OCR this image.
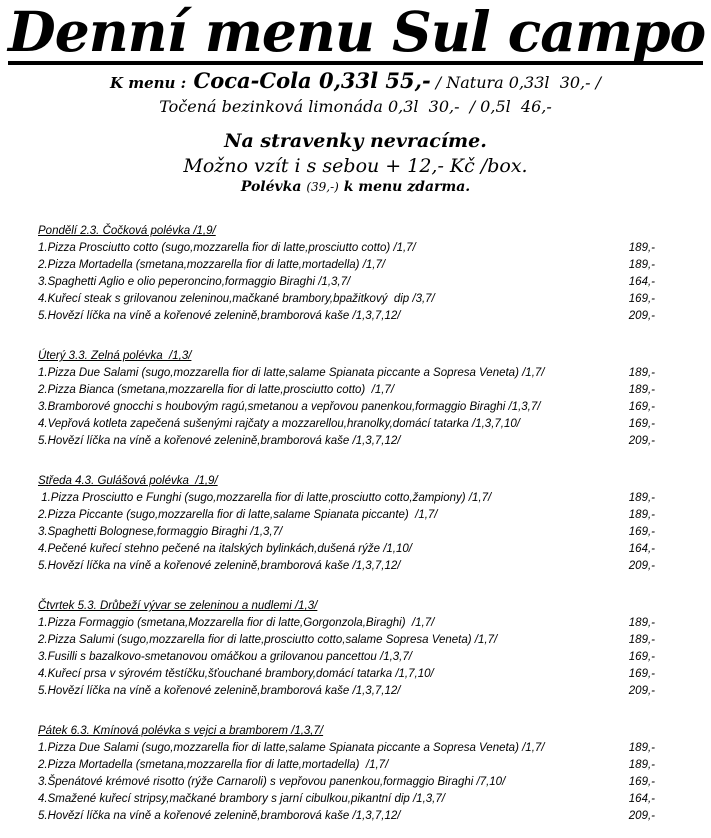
Denní menu Sul campo
K menu : Coca-Cola 0,33l 55,- / Natura 0,33l  30,- /
Točená bezinková limonáda 0,3l  30,-  / 0,5l  46,-
Na stravenky nevracíme.
Možno vzít i s sebou + 12,- Kč /box.
Polévka (39,-) k menu zdarma.
Pondělí 2.3. Čočková polévka /1,9/
1.Pizza Prosciutto cotto (sugo,mozzarella fior di latte,prosciutto cotto) /1,7/	189,-
2.Pizza Mortadella (smetana,mozzarella fior di latte,mortadella) /1,7/	189,-
3.Spaghetti Aglio e olio peperoncino,formaggio Biraghi /1,3,7/	164,-
4.Kuřecí steak s grilovanou zeleninou,mačkané brambory,bpažitkový  dip /3,7/	169,-
5.Hovězí líčka na víně a kořenové zelenině,bramborová kaše /1,3,7,12/	209,-
Úterý 3.3. Zelná polévka  /1,3/
1.Pizza Due Salami (sugo,mozzarella fior di latte,salame Spianata piccante a Sopresa Veneta) /1,7/	189,-
2.Pizza Bianca (smetana,mozzarella fior di latte,prosciutto cotto)  /1,7/	189,-
3.Bramborové gnocchi s houbovým ragú,smetanou a vepřovou panenkou,formaggio Biraghi /1,3,7/	169,-
4.Vepřová kotleta zapečená sušenými rajčaty a mozzarellou,hranolky,domácí tatarka /1,3,7,10/	169,-
5.Hovězí líčka na víně a kořenové zelenině,bramborová kaše /1,3,7,12/	209,-
Středa 4.3. Gulášová polévka  /1,9/
1.Pizza Prosciutto e Funghi (sugo,mozzarella fior di latte,prosciutto cotto,žampiony) /1,7/	189,-
2.Pizza Piccante (sugo,mozzarella fior di latte,salame Spianata piccante)  /1,7/	189,-
3.Spaghetti Bolognese,formaggio Biraghi /1,3,7/	169,-
4.Pečené kuřecí stehno pečené na italských bylinkách,dušená rýže /1,10/	164,-
5.Hovězí líčka na víně a kořenové zelenině,bramborová kaše /1,3,7,12/	209,-
Čtvrtek 5.3. Drůbeží vývar se zeleninou a nudlemi /1,3/
1.Pizza Formaggio (smetana,Mozzarella fior di latte,Gorgonzola,Biraghi)  /1,7/	189,-
2.Pizza Salumi (sugo,mozzarella fior di latte,prosciutto cotto,salame Sopresa Veneta) /1,7/	189,-
3.Fusilli s bazalkovo-smetanovou omáčkou a grilovanou pancettou /1,3,7/	169,-
4.Kuřecí prsa v sýrovém těstíčku,šťouchané brambory,domácí tatarka /1,7,10/	169,-
5.Hovězí líčka na víně a kořenové zelenině,bramborová kaše /1,3,7,12/	209,-
Pátek 6.3. Kmínová polévka s vejci a bramborem /1,3,7/
1.Pizza Due Salami (sugo,mozzarella fior di latte,salame Spianata piccante a Sopresa Veneta) /1,7/	189,-
2.Pizza Mortadella (smetana,mozzarella fior di latte,mortadella)  /1,7/	189,-
3.Špenátové krémové risotto (rýže Carnaroli) s vepřovou panenkou,formaggio Biraghi /7,10/	169,-
4.Smažené kuřecí stripsy,mačkané brambory s jarní cibulkou,pikantní dip /1,3,7/	164,-
5.Hovězí líčka na víně a kořenové zelenině,bramborová kaše /1,3,7,12/	209,-
